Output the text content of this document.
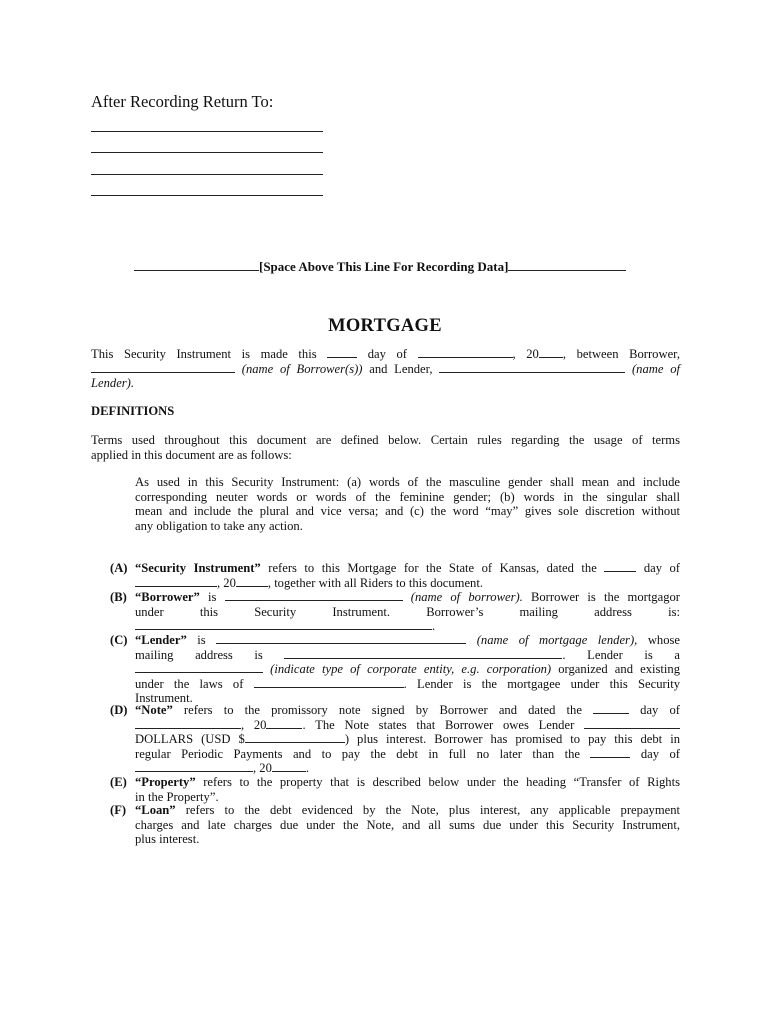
After Recording Return To:
[Space Above This Line For Recording Data]
MORTGAGE
This Security Instrument is made this	day of	, 20 , between Borrower,
(name of Borrower(s)) and Lender,	(name of
Lender).
DEFINITIONS
Terms used throughout this document are defined below. Certain rules regarding the usage of terms
applied in this document are as follows:
As used in this Security Instrument: (a) words of the masculine gender shall mean and include
corresponding neuter words or words of the feminine gender; (b) words in the singular shall
mean and include the plural and vice versa; and (c) the word “may” gives sole discretion without
any obligation to take any action.
(A) “Security Instrument” refers to this Mortgage for the State of Kansas, dated the	day of
, 20	, together with all Riders to this document.
(B) “Borrower” is	(name of borrower). Borrower is the mortgagor
under this Security Instrument. Borrower’s mailing address is:
.
(C) “Lender” is	(name of mortgage lender), whose
mailing address is	. Lender is a
(indicate type of corporate entity, e.g. corporation) organized and existing
under the laws of	. Lender is the mortgagee under this Security
Instrument.
(D) “Note” refers to the promissory note signed by Borrower and dated the	day of
, 20	. The Note states that Borrower owes Lender
DOLLARS (USD $	) plus interest. Borrower has promised to pay this debt in
regular Periodic Payments and to pay the debt in full no later than the	day of
, 20	.
(E) “Property” refers to the property that is described below under the heading “Transfer of Rights
in the Property”.
(F) “Loan” refers to the debt evidenced by the Note, plus interest, any applicable prepayment
charges and late charges due under the Note, and all sums due under this Security Instrument,
plus interest.
